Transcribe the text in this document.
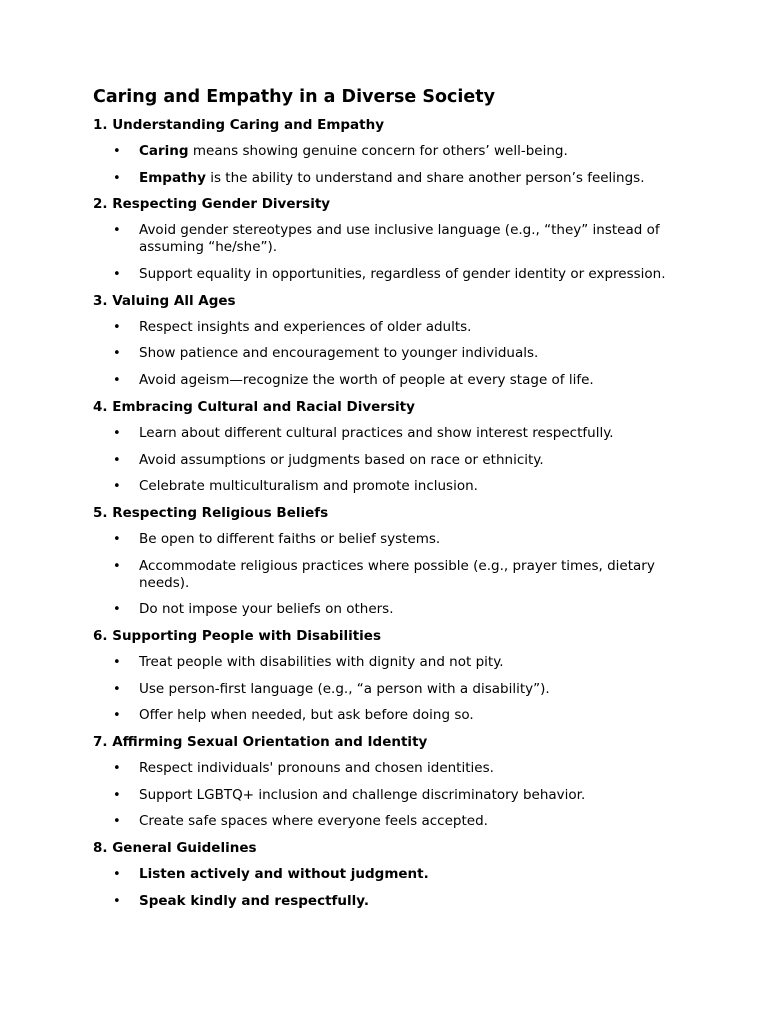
Caring and Empathy in a Diverse Society
1. Understanding Caring and Empathy
• Caring means showing genuine concern for others’ well-being.
• Empathy is the ability to understand and share another person’s feelings.
2. Respecting Gender Diversity
• Avoid gender stereotypes and use inclusive language (e.g., “they” instead of assuming “he/she”).
• Support equality in opportunities, regardless of gender identity or expression.
3. Valuing All Ages
• Respect insights and experiences of older adults.
• Show patience and encouragement to younger individuals.
• Avoid ageism—recognize the worth of people at every stage of life.
4. Embracing Cultural and Racial Diversity
• Learn about different cultural practices and show interest respectfully.
• Avoid assumptions or judgments based on race or ethnicity.
• Celebrate multiculturalism and promote inclusion.
5. Respecting Religious Beliefs
• Be open to different faiths or belief systems.
• Accommodate religious practices where possible (e.g., prayer times, dietary needs).
• Do not impose your beliefs on others.
6. Supporting People with Disabilities
• Treat people with disabilities with dignity and not pity.
• Use person-first language (e.g., “a person with a disability”).
• Offer help when needed, but ask before doing so.
7. Affirming Sexual Orientation and Identity
• Respect individuals' pronouns and chosen identities.
• Support LGBTQ+ inclusion and challenge discriminatory behavior.
• Create safe spaces where everyone feels accepted.
8. General Guidelines
• Listen actively and without judgment.
• Speak kindly and respectfully.
